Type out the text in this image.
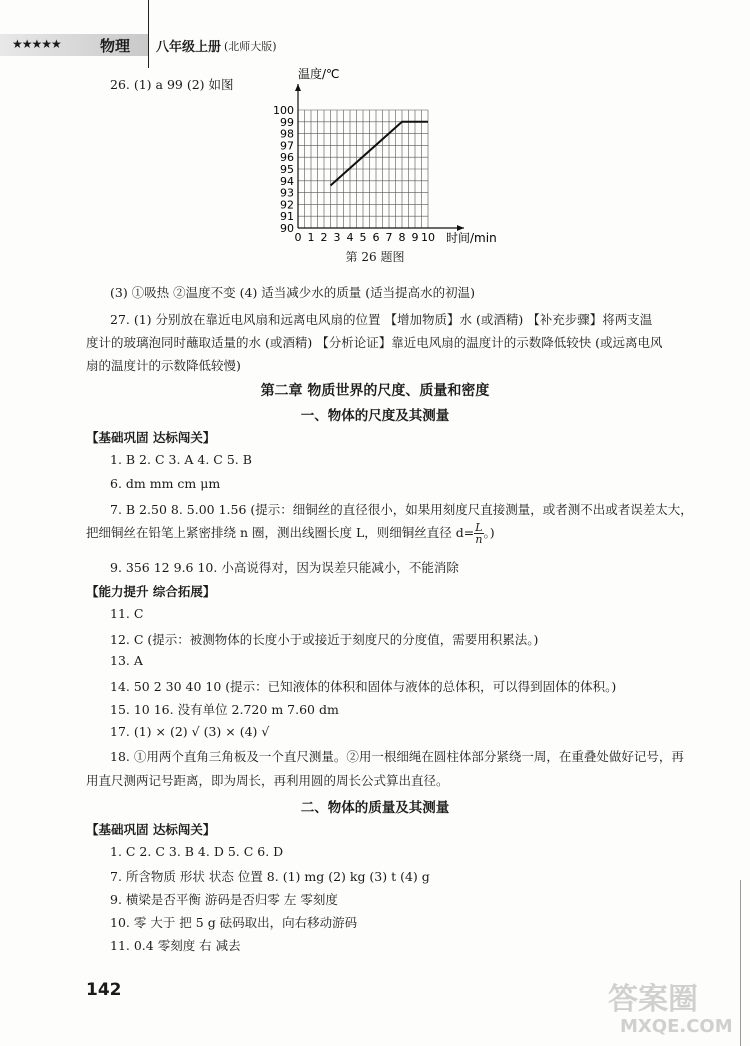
★★★★★	物理 八年级上册 (北师大版)
26. (1) a 99 (2) 如图
90
91
92
93
94
95
96
97
98
99
100
0 1 2 3 4 5 6 7 8 9 10
温度/℃
时间/min
第 26 题图
(3) ①吸热 ②温度不变 (4) 适当减少水的质量 (适当提高水的初温)
27. (1) 分别放在靠近电风扇和远离电风扇的位置 【增加物质】水 (或酒精) 【补充步骤】将两支温
度计的玻璃泡同时蘸取适量的水 (或酒精) 【分析论证】靠近电风扇的温度计的示数降低较快 (或远离电风
扇的温度计的示数降低较慢)
第二章 物质世界的尺度、质量和密度
一、物体的尺度及其测量
【基础巩固 达标闯关】
1. B 2. C 3. A 4. C 5. B
6. dm mm cm μm
7. B 2.50 8. 5.00 1.56 (提示：细铜丝的直径很小，如果用刻度尺直接测量，或者测不出或者误差太大，
把细铜丝在铅笔上紧密排绕 n 圈，测出线圈长度 L，则细铜丝直径 $d= \frac{L}{n}$ 。)
9. 356 12 9.6 10. 小高说得对，因为误差只能减小，不能消除
【能力提升 综合拓展】
11. C
12. C (提示：被测物体的长度小于或接近于刻度尺的分度值，需要用积累法。)
13. A
14. 50 2 30 40 10 (提示：已知液体的体积和固体与液体的总体积，可以得到固体的体积。)
15. 10 16. 没有单位 2.720 m 7.60 dm
17. (1) × (2) √ (3) × (4) √
18. ①用两个直角三角板及一个直尺测量。②用一根细绳在圆柱体部分紧绕一周，在重叠处做好记号，再
用直尺测两记号距离，即为周长，再利用圆的周长公式算出直径。
二、物体的质量及其测量
【基础巩固 达标闯关】
1. C 2. C 3. B 4. D 5. C 6. D
7. 所含物质 形状 状态 位置 8. (1) mg (2) kg (3) t (4) g
9. 横梁是否平衡 游码是否归零 左 零刻度
10. 零 大于 把 5 g 砝码取出，向右移动游码
11. 0.4 零刻度 右 减去
142	答案圈
MXQE.COM
